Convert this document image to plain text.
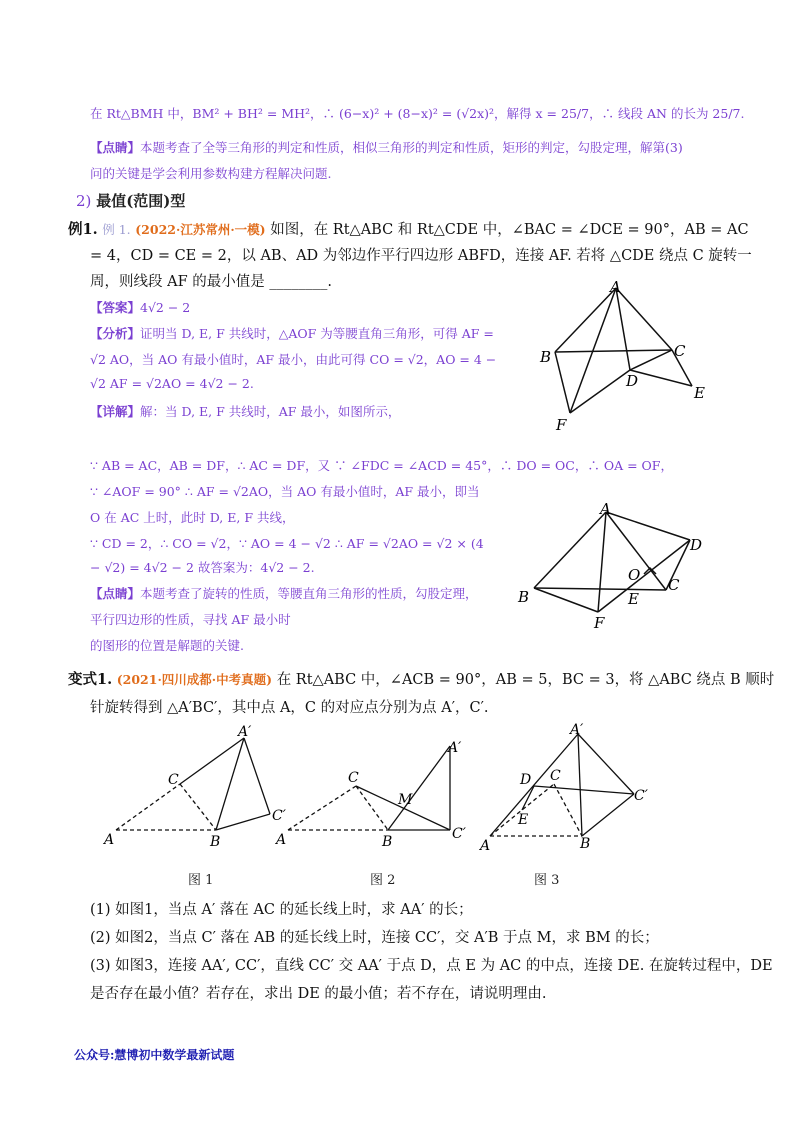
在 Rt△BMH 中，BM² + BH² = MH²，∴ (6−x)² + (8−x)² = (√2x)²，解得 x = 25/7，∴ 线段 AN 的长为 25/7.
【点睛】本题考查了全等三角形的判定和性质，相似三角形的判定和性质，矩形的判定，勾股定理，解第(3)
问的关键是学会利用参数构建方程解决问题.
2) 最值(范围)型
例1. 例 1. (2022·江苏常州·一模) 如图，在 Rt△ABC 和 Rt△CDE 中，∠BAC = ∠DCE = 90°，AB = AC
= 4，CD = CE = 2，以 AB、AD 为邻边作平行四边形 ABFD，连接 AF. 若将 △CDE 绕点 C 旋转一
周，则线段 AF 的最小值是 ________.
【答案】4√2 − 2
【分析】证明当 D, E, F 共线时，△AOF 为等腰直角三角形，可得 AF =
√2 AO，当 AO 有最小值时，AF 最小，由此可得 CO = √2，AO = 4 −
√2 AF = √2AO = 4√2 − 2.
【详解】解：当 D, E, F 共线时，AF 最小，如图所示，
A
B	C
D
E
F
∵ AB = AC，AB = DF，∴ AC = DF，又 ∵ ∠FDC = ∠ACD = 45°，∴ DO = OC，∴ OA = OF，
∵ ∠AOF = 90° ∴ AF = √2AO，当 AO 有最小值时，AF 最小，即当
O 在 AC 上时，此时 D, E, F 共线，
∵ CD = 2，∴ CO = √2，∵ AO = 4 − √2 ∴ AF = √2AO = √2 × (4
− √2) = 4√2 − 2 故答案为：4√2 − 2.
【点睛】本题考查了旋转的性质，等腰直角三角形的性质，勾股定理，
平行四边形的性质，寻找 AF 最小时
的图形的位置是解题的关键.
A
B
C
D
E
F
O
变式1. (2021·四川成都·中考真题) 在 Rt△ABC 中，∠ACB = 90°，AB = 5，BC = 3，将 △ABC 绕点 B 顺时
针旋转得到 △A′BC′，其中点 A，C 的对应点分别为点 A′，C′.
A	B
C
A′
C′
图 1
A	B
C
M
A′
C′
图 2
A	B
C
D
E
A′
C′
图 3
(1) 如图1，当点 A′ 落在 AC 的延长线上时，求 AA′ 的长；
(2) 如图2，当点 C′ 落在 AB 的延长线上时，连接 CC′，交 A′B 于点 M，求 BM 的长；
(3) 如图3，连接 AA′, CC′，直线 CC′ 交 AA′ 于点 D，点 E 为 AC 的中点，连接 DE. 在旋转过程中，DE
是否存在最小值？若存在，求出 DE 的最小值；若不存在，请说明理由.
公众号:慧博初中数学最新试题
